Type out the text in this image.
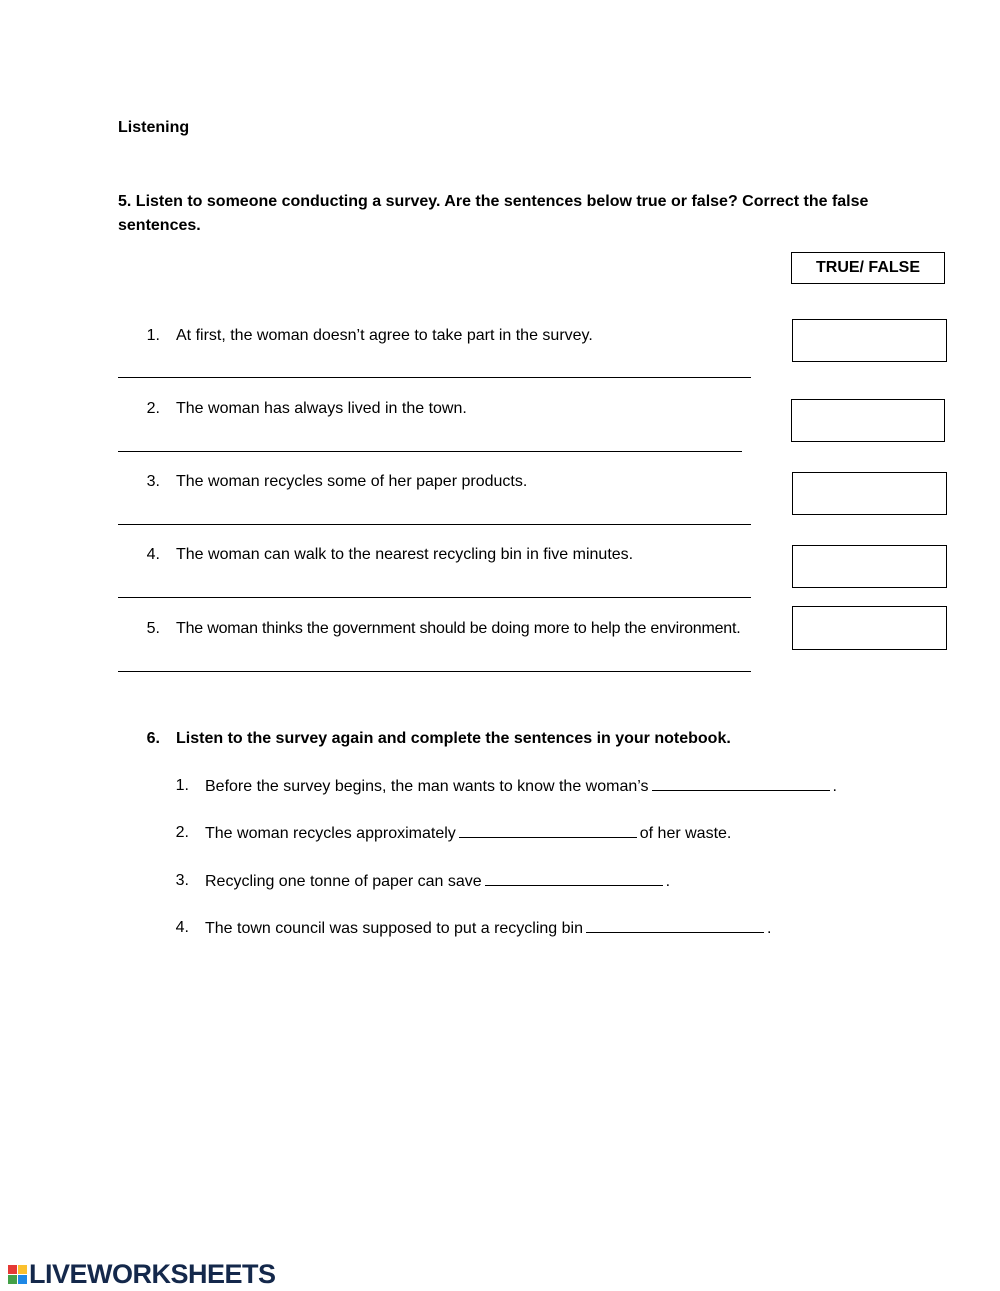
Listening
5. Listen to someone conducting a survey. Are the sentences below true or false? Correct the false
sentences.
TRUE/ FALSE
1. At first, the woman doesn’t agree to take part in the survey.
2. The woman has always lived in the town.
3. The woman recycles some of her paper products.
4. The woman can walk to the nearest recycling bin in five minutes.
5. The woman thinks the government should be doing more to help the environment.
6. Listen to the survey again and complete the sentences in your notebook.
1. Before the survey begins, the man wants to know the woman’s	.
2. The woman recycles approximately	of her waste.
3. Recycling one tonne of paper can save	.
4. The town council was supposed to put a recycling bin	.
LIVEWORKSHEETS
